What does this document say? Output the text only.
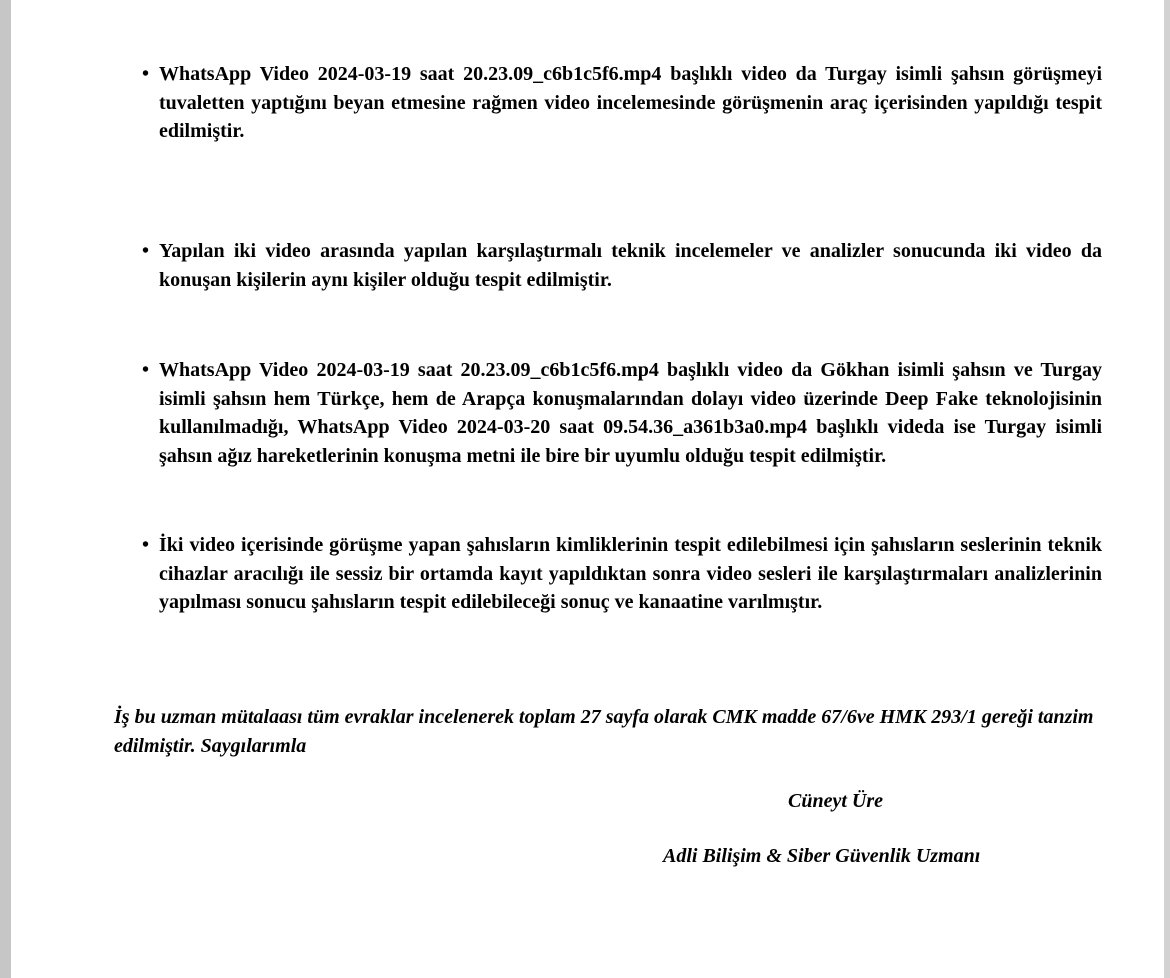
• WhatsApp Video 2024-03-19 saat 20.23.09_c6b1c5f6.mp4 başlıklı video da Turgay isimli şahsın görüşmeyi tuvaletten yaptığını beyan etmesine rağmen video incelemesinde görüşmenin araç içerisinden yapıldığı tespit edilmiştir.
• Yapılan iki video arasında yapılan karşılaştırmalı teknik incelemeler ve analizler sonucunda iki video da konuşan kişilerin aynı kişiler olduğu tespit edilmiştir.
• WhatsApp Video 2024-03-19 saat 20.23.09_c6b1c5f6.mp4 başlıklı video da Gökhan isimli şahsın ve Turgay isimli şahsın hem Türkçe, hem de Arapça konuşmalarından dolayı video üzerinde Deep Fake teknolojisinin kullanılmadığı, WhatsApp Video 2024-03-20 saat 09.54.36_a361b3a0.mp4 başlıklı videda ise Turgay isimli şahsın ağız hareketlerinin konuşma metni ile bire bir uyumlu olduğu tespit edilmiştir.
• İki video içerisinde görüşme yapan şahısların kimliklerinin tespit edilebilmesi için şahısların seslerinin teknik cihazlar aracılığı ile sessiz bir ortamda kayıt yapıldıktan sonra video sesleri ile karşılaştırmaları analizlerinin yapılması sonucu şahısların tespit edilebileceği sonuç ve kanaatine varılmıştır.

İş bu uzman mütalaası tüm evraklar incelenerek toplam 27 sayfa olarak CMK madde 67/6ve HMK 293/1 gereği tanzim edilmiştir. Saygılarımla

Cüneyt Üre

Adli Bilişim & Siber Güvenlik Uzmanı
